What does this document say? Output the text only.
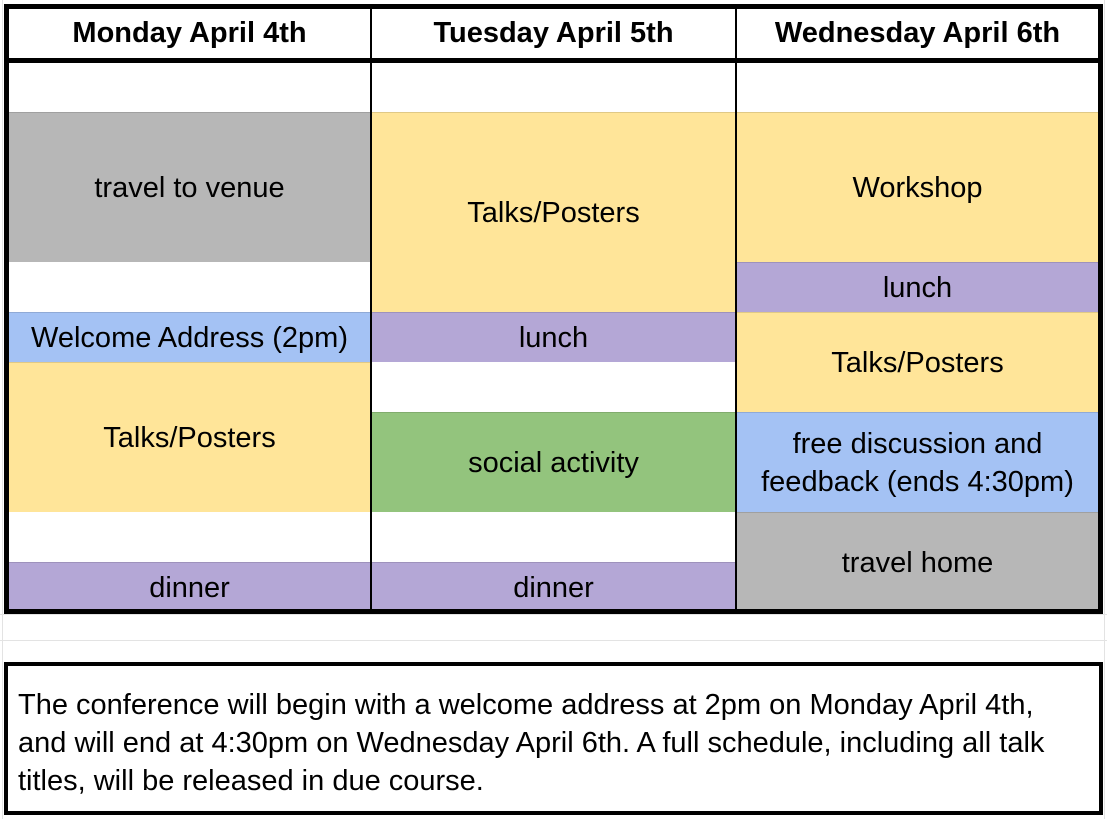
Monday April 4th	Tuesday April 5th	Wednesday April 6th
travel to venue
Welcome Address (2pm)
Talks/Posters
dinner
Talks/Posters
lunch
social activity
dinner
Workshop
lunch
Talks/Posters
free discussion and
feedback (ends 4:30pm)
travel home
The conference will begin with a welcome address at 2pm on Monday April 4th, and will end at 4:30pm on Wednesday April 6th. A full schedule, including all talk titles, will be released in due course.
